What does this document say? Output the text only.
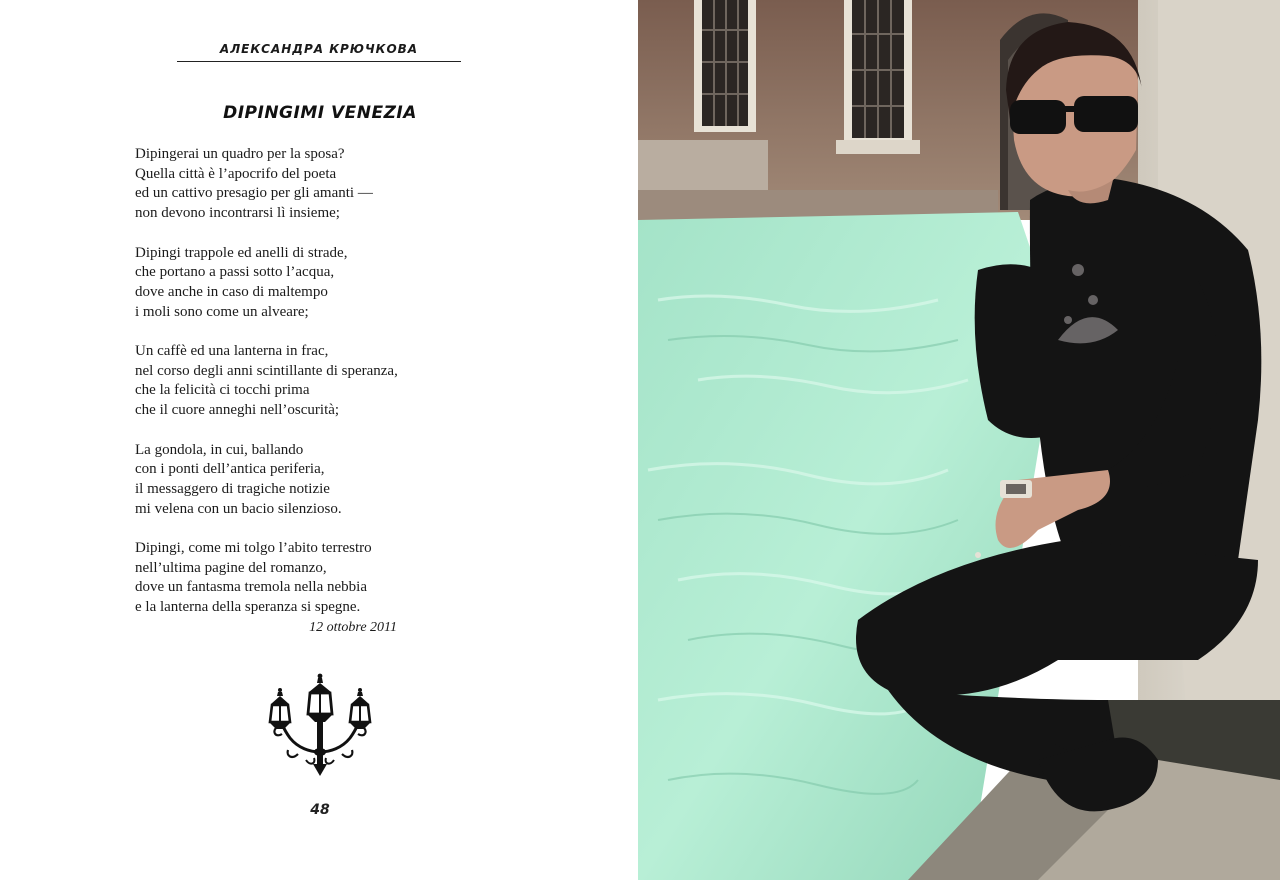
АЛЕКСАНДРА КРЮЧКОВА
DIPINGIMI VENEZIA
Dipingerai un quadro per la sposa?
Quella città è l’apocrifo del poeta
ed un cattivo presagio per gli amanti —
non devono incontrarsi lì insieme;
Dipingi trappole ed anelli di strade,
che portano a passi sotto l’acqua,
dove anche in caso di maltempo
i moli sono come un alveare;
Un caffè ed una lanterna in frac,
nel corso degli anni scintillante di speranza,
che la felicità ci tocchi prima
che il cuore anneghi nell’oscurità;
La gondola, in cui, ballando
con i ponti dell’antica periferia,
il messaggero di tragiche notizie
mi velena con un bacio silenzioso.
Dipingi, come mi tolgo l’abito terrestro
nell’ultima pagine del romanzo,
dove un fantasma tremola nella nebbia
e la lanterna della speranza si spegne.
12 ottobre 2011
48
